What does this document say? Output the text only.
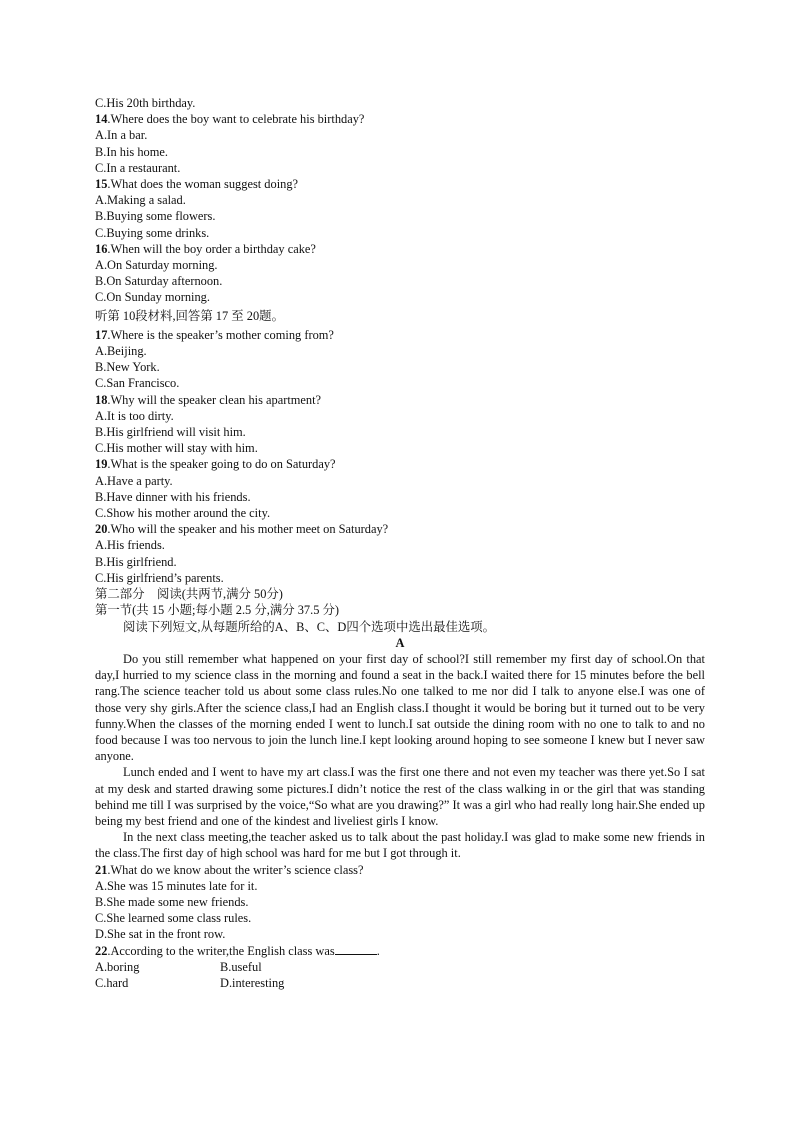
C.His 20th birthday.
14.Where does the boy want to celebrate his birthday?
A.In a bar.
B.In his home.
C.In a restaurant.
15.What does the woman suggest doing?
A.Making a salad.
B.Buying some flowers.
C.Buying some drinks.
16.When will the boy order a birthday cake?
A.On Saturday morning.
B.On Saturday afternoon.
C.On Sunday morning.
听第 10段材料,回答第 17 至 20题。
17.Where is the speaker’s mother coming from?
A.Beijing.
B.New York.
C.San Francisco.
18.Why will the speaker clean his apartment?
A.It is too dirty.
B.His girlfriend will visit him.
C.His mother will stay with him.
19.What is the speaker going to do on Saturday?
A.Have a party.
B.Have dinner with his friends.
C.Show his mother around the city.
20.Who will the speaker and his mother meet on Saturday?
A.His friends.
B.His girlfriend.
C.His girlfriend’s parents.
第二部分　阅读(共两节,满分 50分)
第一节(共 15 小题;每小题 2.5 分,满分 37.5 分)
阅读下列短文,从每题所给的A、B、C、D四个选项中选出最佳选项。
A
Do you still remember what happened on your first day of school?I still remember my first day of school.On that day,I hurried to my science class in the morning and found a seat in the back.I waited there for 15 minutes before the bell rang.The science teacher told us about some class rules.No one talked to me nor did I talk to anyone else.I was one of those very shy girls.After the science class,I had an English class.I thought it would be boring but it turned out to be very funny.When the classes of the morning ended I went to lunch.I sat outside the dining room with no one to talk to and no food because I was too nervous to join the lunch line.I kept looking around hoping to see someone I knew but I never saw anyone.
Lunch ended and I went to have my art class.I was the first one there and not even my teacher was there yet.So I sat at my desk and started drawing some pictures.I didn’t notice the rest of the class walking in or the girl that was standing behind me till I was surprised by the voice,“So what are you drawing?” It was a girl who had really long hair.She ended up being my best friend and one of the kindest and liveliest girls I know.
In the next class meeting,the teacher asked us to talk about the past holiday.I was glad to make some new friends in the class.The first day of high school was hard for me but I got through it.
21.What do we know about the writer’s science class?
A.She was 15 minutes late for it.
B.She made some new friends.
C.She learned some class rules.
D.She sat in the front row.
22.According to the writer,the English class was	.
A.boring	B.useful
C.hard	D.interesting
